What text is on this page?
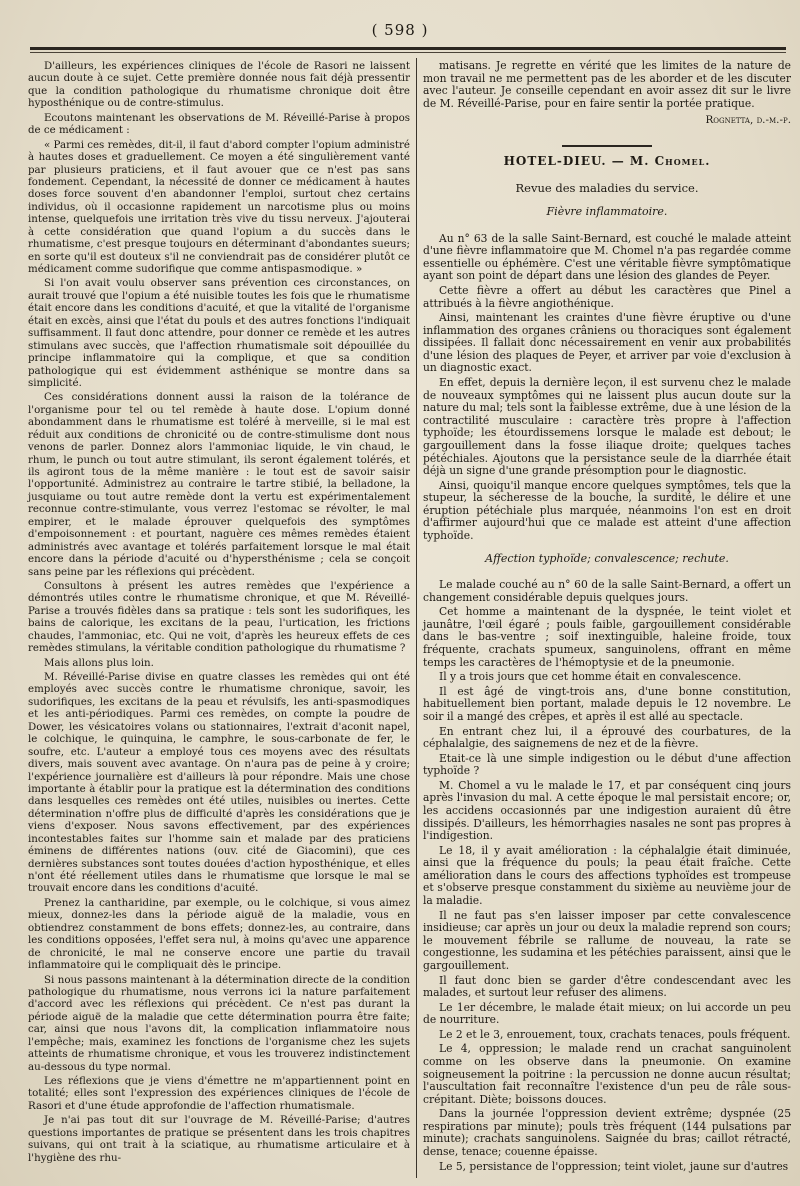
( 598 )

D'ailleurs, les expériences cliniques de l'école de Rasori ne laissent aucun doute à ce sujet. Cette première donnée nous fait déjà pressentir que la condition pathologique du rhumatisme chronique doit être hyposthénique ou de contre-stimulus.

Ecoutons maintenant les observations de M. Réveillé-Parise à propos de ce médicament :

« Parmi ces remèdes, dit-il, il faut d'abord compter l'opium administré à hautes doses et graduellement. Ce moyen a été singulièrement vanté par plusieurs praticiens, et il faut avouer que ce n'est pas sans fondement. Cependant, la nécessité de donner ce médicament à hautes doses force souvent d'en abandonner l'emploi, surtout chez certains individus, où il occasionne rapidement un narcotisme plus ou moins intense, quelquefois une irritation très vive du tissu nerveux. J'ajouterai à cette considération que quand l'opium a du succès dans le rhumatisme, c'est presque toujours en déterminant d'abondantes sueurs; en sorte qu'il est douteux s'il ne conviendrait pas de considérer plutôt ce médicament comme sudorifique que comme antispasmodique. »

Si l'on avait voulu observer sans prévention ces circonstances, on aurait trouvé que l'opium a été nuisible toutes les fois que le rhumatisme était encore dans les conditions d'acuité, et que la vitalité de l'organisme était en excès, ainsi que l'état du pouls et des autres fonctions l'indiquait suffisamment. Il faut donc attendre, pour donner ce remède et les autres stimulans avec succès, que l'affection rhumatismale soit dépouillée du principe inflammatoire qui la complique, et que sa condition pathologique qui est évidemment asthénique se montre dans sa simplicité.

Ces considérations donnent aussi la raison de la tolérance de l'organisme pour tel ou tel remède à haute dose. L'opium donné abondamment dans le rhumatisme est toléré à merveille, si le mal est réduit aux conditions de chronicité ou de contre-stimulisme dont nous venons de parler. Donnez alors l'ammoniac liquide, le vin chaud, le rhum, le punch ou tout autre stimulant, ils seront également tolérés, et ils agiront tous de la même manière : le tout est de savoir saisir l'opportunité. Administrez au contraire le tartre stibié, la belladone, la jusquiame ou tout autre remède dont la vertu est expérimentalement reconnue contre-stimulante, vous verrez l'estomac se révolter, le mal empirer, et le malade éprouver quelquefois des symptômes d'empoisonnement : et pourtant, naguère ces mêmes remèdes étaient administrés avec avantage et tolérés parfaitement lorsque le mal était encore dans la période d'acuité ou d'hypersthénisme ; cela se conçoit sans peine par les réflexions qui précèdent.

Consultons à présent les autres remèdes que l'expérience a démontrés utiles contre le rhumatisme chronique, et que M. Réveillé-Parise a trouvés fidèles dans sa pratique : tels sont les sudorifiques, les bains de calorique, les excitans de la peau, l'urtication, les frictions chaudes, l'ammoniac, etc. Qui ne voit, d'après les heureux effets de ces remèdes stimulans, la véritable condition pathologique du rhumatisme ?

Mais allons plus loin.

M. Réveillé-Parise divise en quatre classes les remèdes qui ont été employés avec succès contre le rhumatisme chronique, savoir, les sudorifiques, les excitans de la peau et révulsifs, les anti-spasmodiques et les anti-périodiques. Parmi ces remèdes, on compte la poudre de Dower, les vésicatoires volans ou stationnaires, l'extrait d'aconit napel, le colchique, le quinquina, le camphre, le sous-carbonate de fer, le soufre, etc. L'auteur a employé tous ces moyens avec des résultats divers, mais souvent avec avantage. On n'aura pas de peine à y croire; l'expérience journalière est d'ailleurs là pour répondre. Mais une chose importante à établir pour la pratique est la détermination des conditions dans lesquelles ces remèdes ont été utiles, nuisibles ou inertes. Cette détermination n'offre plus de difficulté d'après les considérations que je viens d'exposer. Nous savons effectivement, par des expériences incontestables faites sur l'homme sain et malade par des praticiens éminens de différentes nations (ouv. cité de Giacomini), que ces dernières substances sont toutes douées d'action hyposthénique, et elles n'ont été réellement utiles dans le rhumatisme que lorsque le mal se trouvait encore dans les conditions d'acuité.

Prenez la cantharidine, par exemple, ou le colchique, si vous aimez mieux, donnez-les dans la période aiguë de la maladie, vous en obtiendrez constamment de bons effets; donnez-les, au contraire, dans les conditions opposées, l'effet sera nul, à moins qu'avec une apparence de chronicité, le mal ne conserve encore une partie du travail inflammatoire qui le compliquait dès le principe.

Si nous passons maintenant à la détermination directe de la condition pathologique du rhumatisme, nous verrons ici la nature parfaitement d'accord avec les réflexions qui précèdent. Ce n'est pas durant la période aiguë de la maladie que cette détermination pourra être faite; car, ainsi que nous l'avons dit, la complication inflammatoire nous l'empêche; mais, examinez les fonctions de l'organisme chez les sujets atteints de rhumatisme chronique, et vous les trouverez indistinctement au-dessous du type normal.

Les réflexions que je viens d'émettre ne m'appartiennent point en totalité; elles sont l'expression des expériences cliniques de l'école de Rasori et d'une étude approfondie de l'affection rhumatismale.

Je n'ai pas tout dit sur l'ouvrage de M. Réveillé-Parise; d'autres questions importantes de pratique se présentent dans les trois chapitres suivans, qui ont trait à la sciatique, au rhumatisme articulaire et à l'hygiène des rhu-

matisans. Je regrette en vérité que les limites de la nature de mon travail ne me permettent pas de les aborder et de les discuter avec l'auteur. Je conseille cependant en avoir assez dit sur le livre de M. Réveillé-Parise, pour en faire sentir la portée pratique.

Rognetta, d.-m.-p.
HOTEL-DIEU. — M. Chomel.
Revue des maladies du service.
Fièvre inflammatoire.

Au n° 63 de la salle Saint-Bernard, est couché le malade atteint d'une fièvre inflammatoire que M. Chomel n'a pas regardée comme essentielle ou éphémère. C'est une véritable fièvre symptômatique ayant son point de départ dans une lésion des glandes de Peyer.

Cette fièvre a offert au début les caractères que Pinel a attribués à la fièvre angiothénique.

Ainsi, maintenant les craintes d'une fièvre éruptive ou d'une inflammation des organes crâniens ou thoraciques sont également dissipées. Il fallait donc nécessairement en venir aux probabilités d'une lésion des plaques de Peyer, et arriver par voie d'exclusion à un diagnostic exact.

En effet, depuis la dernière leçon, il est survenu chez le malade de nouveaux symptômes qui ne laissent plus aucun doute sur la nature du mal; tels sont la faiblesse extrême, due à une lésion de la contractilité musculaire : caractère très propre à l'affection typhoïde; les étourdissemens lorsque le malade est debout; le gargouillement dans la fosse iliaque droite; quelques taches pétéchiales. Ajoutons que la persistance seule de la diarrhée était déjà un signe d'une grande présomption pour le diagnostic.

Ainsi, quoiqu'il manque encore quelques symptômes, tels que la stupeur, la sécheresse de la bouche, la surdité, le délire et une éruption pétéchiale plus marquée, néanmoins l'on est en droit d'affirmer aujourd'hui que ce malade est atteint d'une affection typhoïde.

Affection typhoïde; convalescence; rechute.

Le malade couché au n° 60 de la salle Saint-Bernard, a offert un changement considérable depuis quelques jours.

Cet homme a maintenant de la dyspnée, le teint violet et jaunâtre, l'œil égaré ; pouls faible, gargouillement considérable dans le bas-ventre ; soif inextinguible, haleine froide, toux fréquente, crachats spumeux, sanguinolens, offrant en même temps les caractères de l'hémoptysie et de la pneumonie.

Il y a trois jours que cet homme était en convalescence.

Il est âgé de vingt-trois ans, d'une bonne constitution, habituellement bien portant, malade depuis le 12 novembre. Le soir il a mangé des crêpes, et après il est allé au spectacle.

En entrant chez lui, il a éprouvé des courbatures, de la céphalalgie, des saignemens de nez et de la fièvre.

Etait-ce là une simple indigestion ou le début d'une affection typhoïde ?

M. Chomel a vu le malade le 17, et par conséquent cinq jours après l'invasion du mal. A cette époque le mal persistait encore; or, les accidens occasionnés par une indigestion auraient dû être dissipés. D'ailleurs, les hémorrhagies nasales ne sont pas propres à l'indigestion.

Le 18, il y avait amélioration : la céphalalgie était diminuée, ainsi que la fréquence du pouls; la peau était fraîche. Cette amélioration dans le cours des affections typhoïdes est trompeuse et s'observe presque constamment du sixième au neuvième jour de la maladie.

Il ne faut pas s'en laisser imposer par cette convalescence insidieuse; car après un jour ou deux la maladie reprend son cours; le mouvement fébrile se rallume de nouveau, la rate se congestionne, les sudamina et les pétéchies paraissent, ainsi que le gargouillement.

Il faut donc bien se garder d'être condescendant avec les malades, et surtout leur refuser des alimens.

Le 1er décembre, le malade était mieux; on lui accorde un peu de nourriture.

Le 2 et le 3, enrouement, toux, crachats tenaces, pouls fréquent.

Le 4, oppression; le malade rend un crachat sanguinolent comme on les observe dans la pneumonie. On examine soigneusement la poitrine : la percussion ne donne aucun résultat; l'auscultation fait reconnaître l'existence d'un peu de râle sous-crépitant. Diète; boissons douces.

Dans la journée l'oppression devient extrême; dyspnée (25 respirations par minute); pouls très fréquent (144 pulsations par minute); crachats sanguinolens. Saignée du bras; caillot rétracté, dense, tenace; couenne épaisse.

Le 5, persistance de l'oppression; teint violet, jaune sur d'autres
